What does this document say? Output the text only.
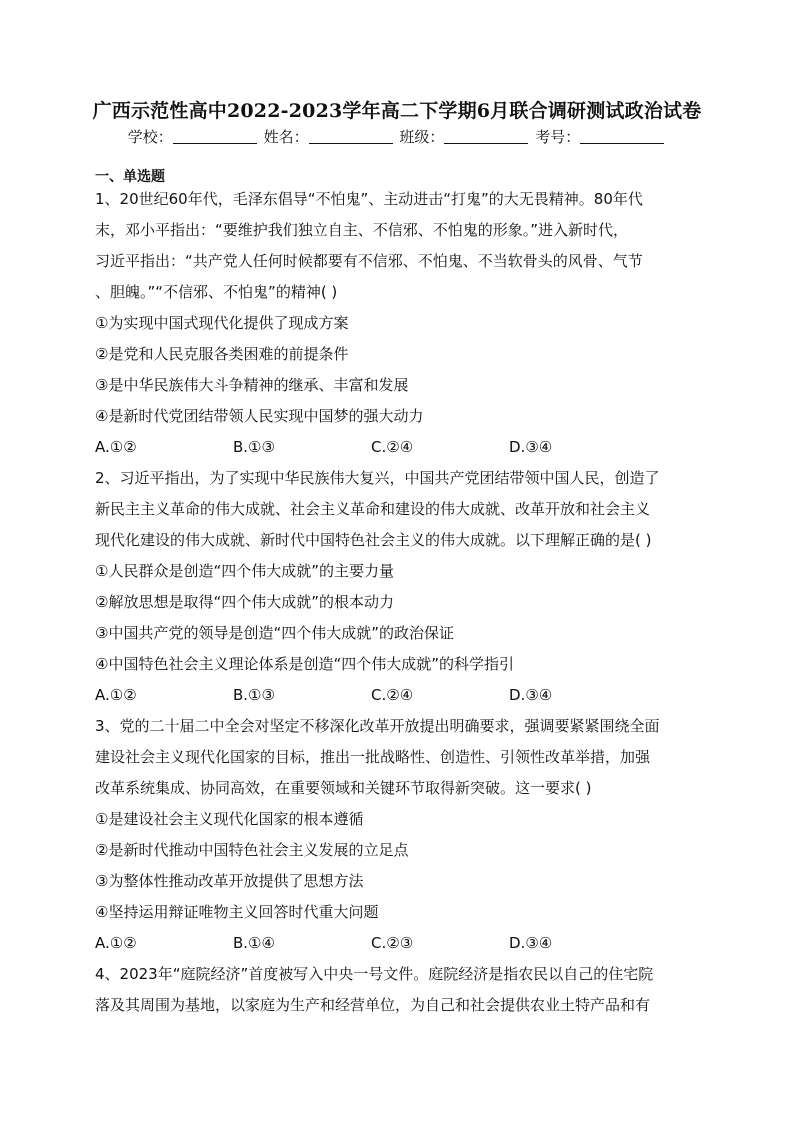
广西示范性高中2022-2023学年高二下学期6月联合调研测试政治试卷
学校：	姓名：	班级：	考号：
一、单选题
1、20世纪60年代，毛泽东倡导“不怕鬼”、主动进击“打鬼”的大无畏精神。80年代
末，邓小平指出：“要维护我们独立自主、不信邪、不怕鬼的形象。”进入新时代，
习近平指出：“共产党人任何时候都要有不信邪、不怕鬼、不当软骨头的风骨、气节
、胆魄。”“不信邪、不怕鬼”的精神( )
①为实现中国式现代化提供了现成方案
②是党和人民克服各类困难的前提条件
③是中华民族伟大斗争精神的继承、丰富和发展
④是新时代党团结带领人民实现中国梦的强大动力
A.①②	B.①③	C.②④	D.③④
2、习近平指出，为了实现中华民族伟大复兴，中国共产党团结带领中国人民，创造了
新民主主义革命的伟大成就、社会主义革命和建设的伟大成就、改革开放和社会主义
现代化建设的伟大成就、新时代中国特色社会主义的伟大成就。以下理解正确的是( )
①人民群众是创造“四个伟大成就”的主要力量
②解放思想是取得“四个伟大成就”的根本动力
③中国共产党的领导是创造“四个伟大成就”的政治保证
④中国特色社会主义理论体系是创造“四个伟大成就”的科学指引
A.①②	B.①③	C.②④	D.③④
3、党的二十届二中全会对坚定不移深化改革开放提出明确要求，强调要紧紧围绕全面
建设社会主义现代化国家的目标，推出一批战略性、创造性、引领性改革举措，加强
改革系统集成、协同高效，在重要领域和关键环节取得新突破。这一要求( )
①是建设社会主义现代化国家的根本遵循
②是新时代推动中国特色社会主义发展的立足点
③为整体性推动改革开放提供了思想方法
④坚持运用辩证唯物主义回答时代重大问题
A.①②	B.①④	C.②③	D.③④
4、2023年“庭院经济”首度被写入中央一号文件。庭院经济是指农民以自己的住宅院
落及其周围为基地，以家庭为生产和经营单位，为自己和社会提供农业土特产品和有
